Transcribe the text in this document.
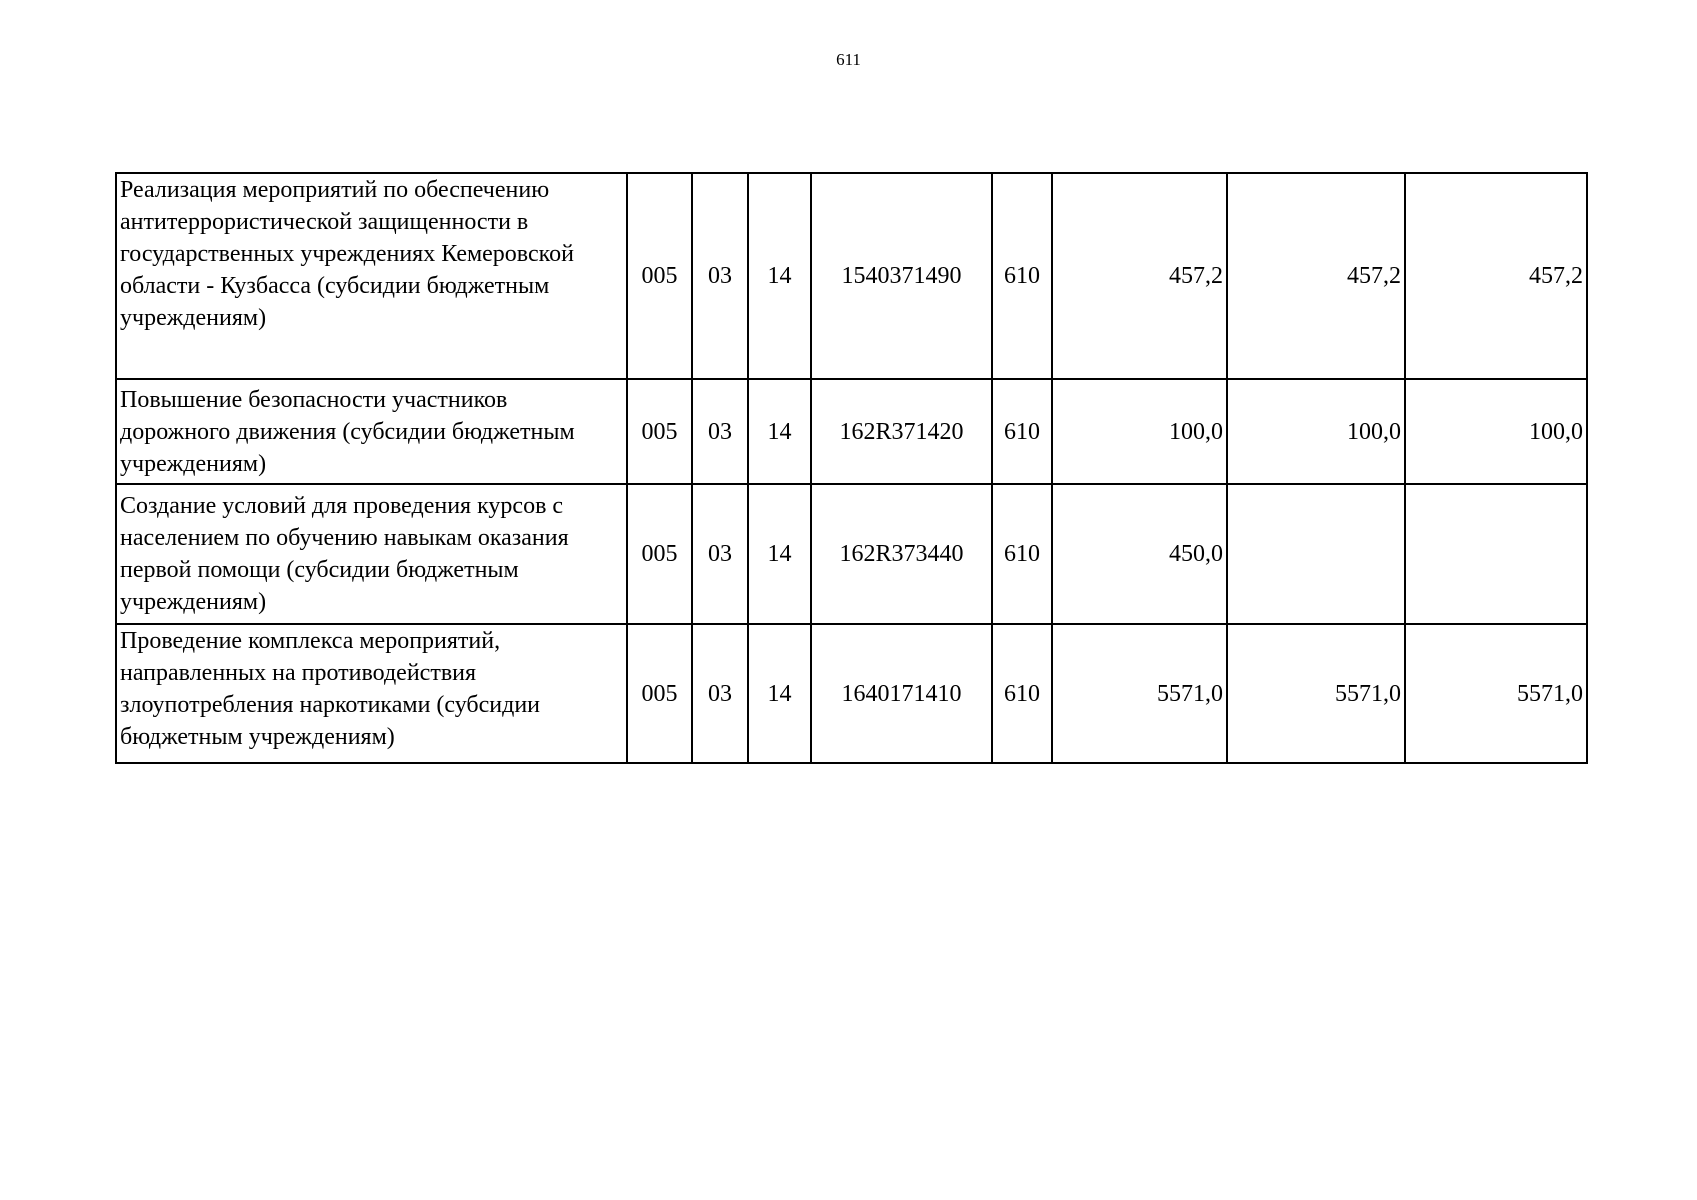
611
Реализация мероприятий по обеспечению антитеррористической защищенности в государственных учреждениях Кемеровской области - Кузбасса (субсидии бюджетным учреждениям)	005	03	14	1540371490	610	457,2	457,2	457,2
Повышение безопасности участников дорожного движения (субсидии бюджетным учреждениям)	005	03	14	162R371420	610	100,0	100,0	100,0
Создание условий для проведения курсов с населением по обучению навыкам оказания первой помощи (субсидии бюджетным учреждениям)	005	03	14	162R373440	610	450,0		
Проведение комплекса мероприятий, направленных на противодействия злоупотребления наркотиками (субсидии бюджетным учреждениям)	005	03	14	1640171410	610	5571,0	5571,0	5571,0
